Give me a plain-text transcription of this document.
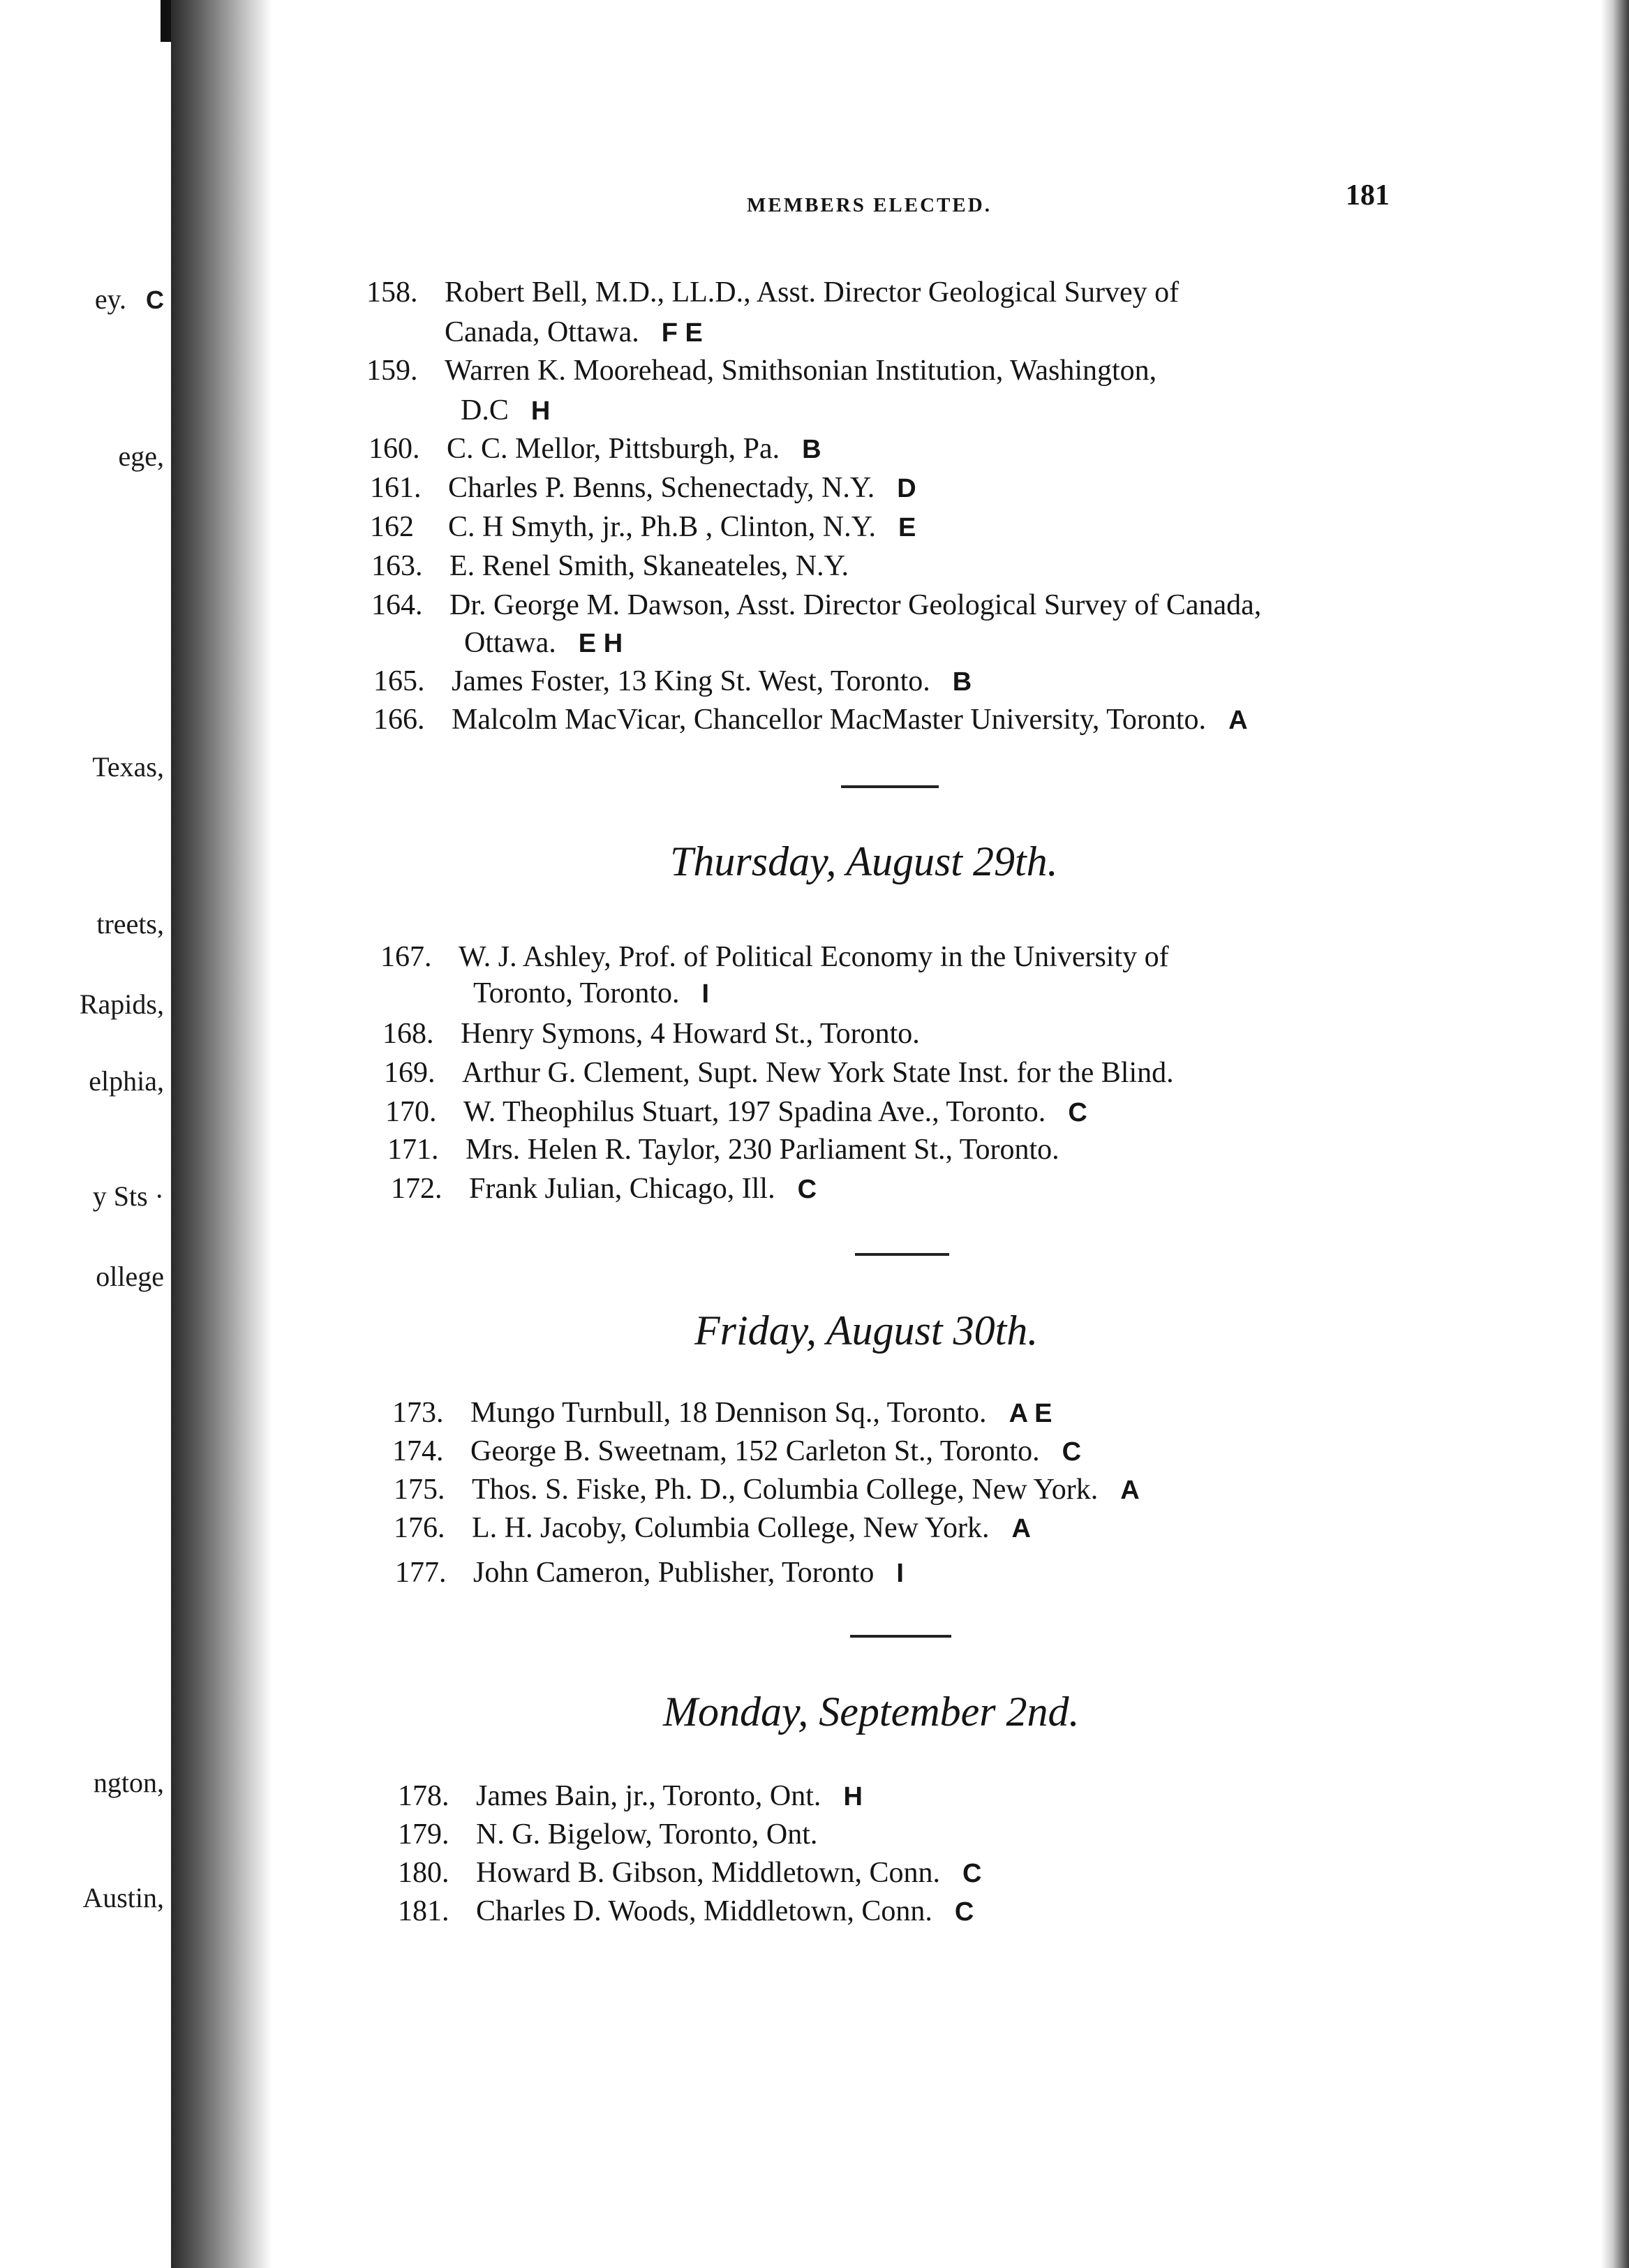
ey. C
ege,
Texas,
treets,
Rapids,
elphia,
y Sts ·
ollege
ngton,
Austin,
MEMBERS ELECTED.	181
158. Robert Bell, M.D., LL.D., Asst. Director Geological Survey of
Canada, Ottawa. F E
159. Warren K. Moorehead, Smithsonian Institution, Washington,
D.C H
160. C. C. Mellor, Pittsburgh, Pa. B
161. Charles P. Benns, Schenectady, N.Y. D
162 C. H Smyth, jr., Ph.B , Clinton, N.Y. E
163. E. Renel Smith, Skaneateles, N.Y.
164. Dr. George M. Dawson, Asst. Director Geological Survey of Canada,
Ottawa. E H
165. James Foster, 13 King St. West, Toronto. B
166. Malcolm MacVicar, Chancellor MacMaster University, Toronto. A
Thursday, August 29th.
167. W. J. Ashley, Prof. of Political Economy in the University of
Toronto, Toronto. I
168. Henry Symons, 4 Howard St., Toronto.
169. Arthur G. Clement, Supt. New York State Inst. for the Blind.
170. W. Theophilus Stuart, 197 Spadina Ave., Toronto. C
171. Mrs. Helen R. Taylor, 230 Parliament St., Toronto.
172. Frank Julian, Chicago, Ill. C
Friday, August 30th.
173. Mungo Turnbull, 18 Dennison Sq., Toronto. A E
174. George B. Sweetnam, 152 Carleton St., Toronto. C
175. Thos. S. Fiske, Ph. D., Columbia College, New York. A
176. L. H. Jacoby, Columbia College, New York. A
177. John Cameron, Publisher, Toronto I
Monday, September 2nd.
178. James Bain, jr., Toronto, Ont. H
179. N. G. Bigelow, Toronto, Ont.
180. Howard B. Gibson, Middletown, Conn. C
181. Charles D. Woods, Middletown, Conn. C
